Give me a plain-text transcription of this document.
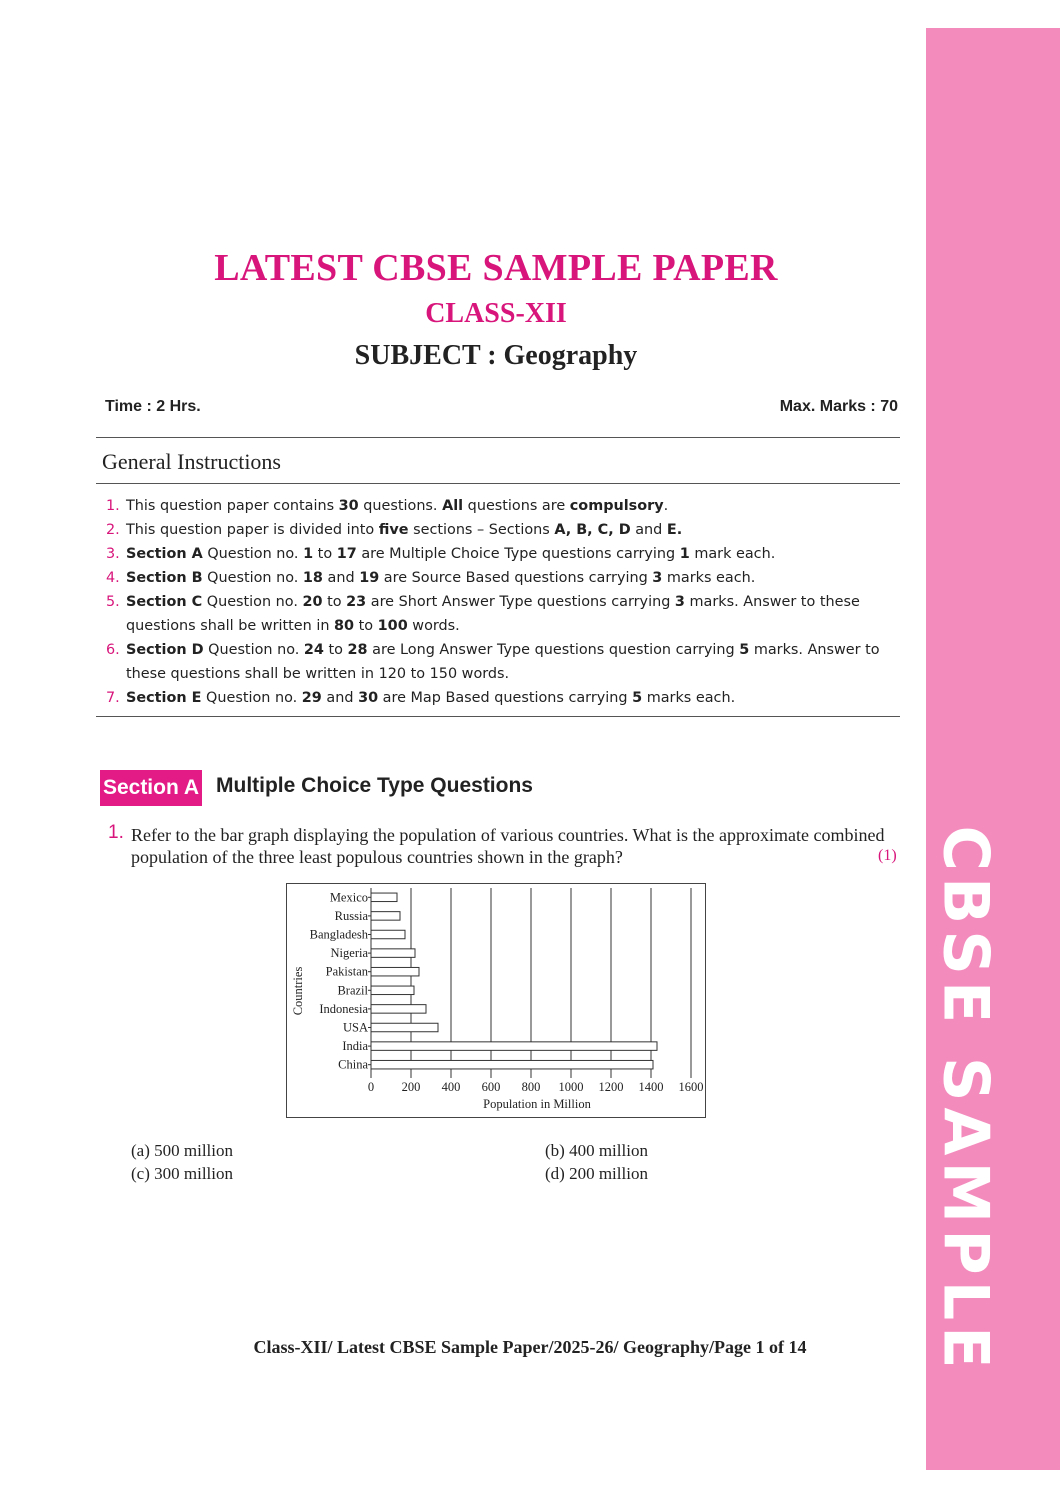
CBSE SAMPLE
LATEST CBSE SAMPLE PAPER
CLASS-XII
SUBJECT : Geography
Time : 2 Hrs.	Max. Marks : 70
General Instructions
1. This question paper contains 30 questions. All questions are compulsory.
2. This question paper is divided into five sections – Sections A, B, C, D and E.
3. Section A Question no. 1 to 17 are Multiple Choice Type questions carrying 1 mark each.
4. Section B Question no. 18 and 19 are Source Based questions carrying 3 marks each.
5. Section C Question no. 20 to 23 are Short Answer Type questions carrying 3 marks. Answer to these questions shall be written in 80 to 100 words.
6. Section D Question no. 24 to 28 are Long Answer Type questions question carrying 5 marks. Answer to these questions shall be written in 120 to 150 words.
7. Section E Question no. 29 and 30 are Map Based questions carrying 5 marks each.
Section A Multiple Choice Type Questions
1. Refer to the bar graph displaying the population of various countries. What is the approximate combined population of the three least populous countries shown in the graph?	(1)
Mexico
Russia
Bangladesh
Nigeria
Pakistan
Brazil
Indonesia
USA
India
China
0 200 400 600 800 1000 1200 1400 1600
Population in Million
Countries
(a) 500 million	(b) 400 million
(c) 300 million	(d) 200 million
Class-XII/ Latest CBSE Sample Paper/2025-26/ Geography/Page 1 of 14
